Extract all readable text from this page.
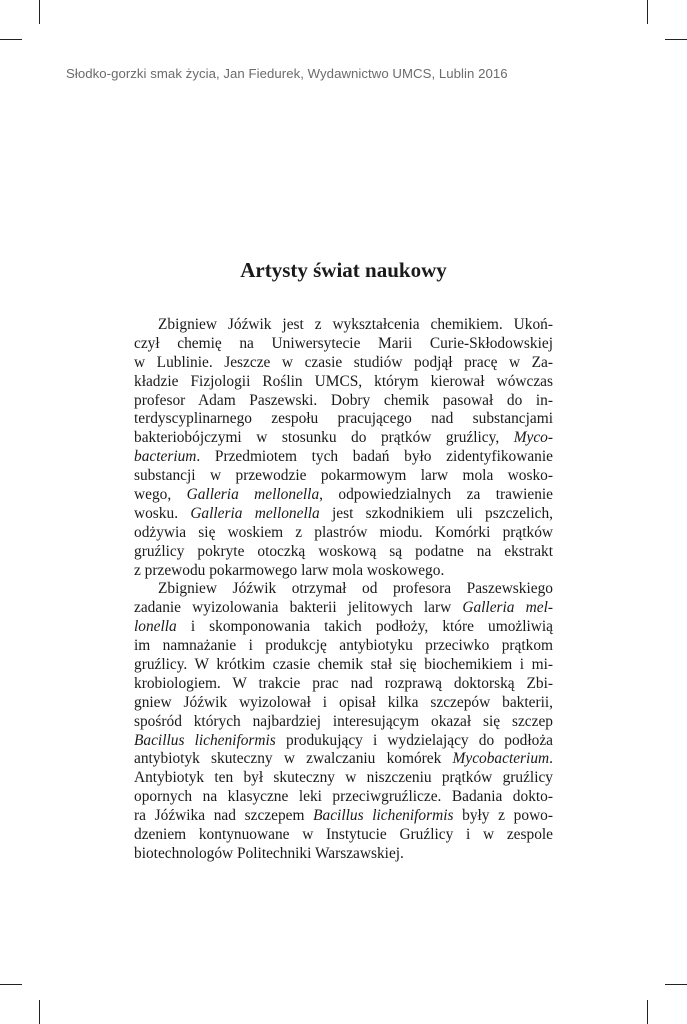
Słodko-gorzki smak życia, Jan Fiedurek, Wydawnictwo UMCS, Lublin 2016
Artysty świat naukowy
Zbigniew Jóźwik jest z wykształcenia chemikiem. Ukoń-
czył chemię na Uniwersytecie Marii Curie-Skłodowskiej
w Lublinie. Jeszcze w czasie studiów podjął pracę w Za-
kładzie Fizjologii Roślin UMCS, którym kierował wówczas
profesor Adam Paszewski. Dobry chemik pasował do in-
terdyscyplinarnego zespołu pracującego nad substancjami
bakteriobójczymi w stosunku do prątków gruźlicy, Myco-
bacterium. Przedmiotem tych badań było zidentyfikowanie
substancji w przewodzie pokarmowym larw mola wosko-
wego, Galleria mellonella, odpowiedzialnych za trawienie
wosku. Galleria mellonella jest szkodnikiem uli pszczelich,
odżywia się woskiem z plastrów miodu. Komórki prątków
gruźlicy pokryte otoczką woskową są podatne na ekstrakt
z przewodu pokarmowego larw mola woskowego.
Zbigniew Jóźwik otrzymał od profesora Paszewskiego
zadanie wyizolowania bakterii jelitowych larw Galleria mel-
lonella i skomponowania takich podłoży, które umożliwią
im namnażanie i produkcję antybiotyku przeciwko prątkom
gruźlicy. W krótkim czasie chemik stał się biochemikiem i mi-
krobiologiem. W trakcie prac nad rozprawą doktorską Zbi-
gniew Jóźwik wyizolował i opisał kilka szczepów bakterii,
spośród których najbardziej interesującym okazał się szczep
Bacillus licheniformis produkujący i wydzielający do podłoża
antybiotyk skuteczny w zwalczaniu komórek Mycobacterium.
Antybiotyk ten był skuteczny w niszczeniu prątków gruźlicy
opornych na klasyczne leki przeciwgruźlicze. Badania dokto-
ra Jóźwika nad szczepem Bacillus licheniformis były z powo-
dzeniem kontynuowane w Instytucie Gruźlicy i w zespole
biotechnologów Politechniki Warszawskiej.
